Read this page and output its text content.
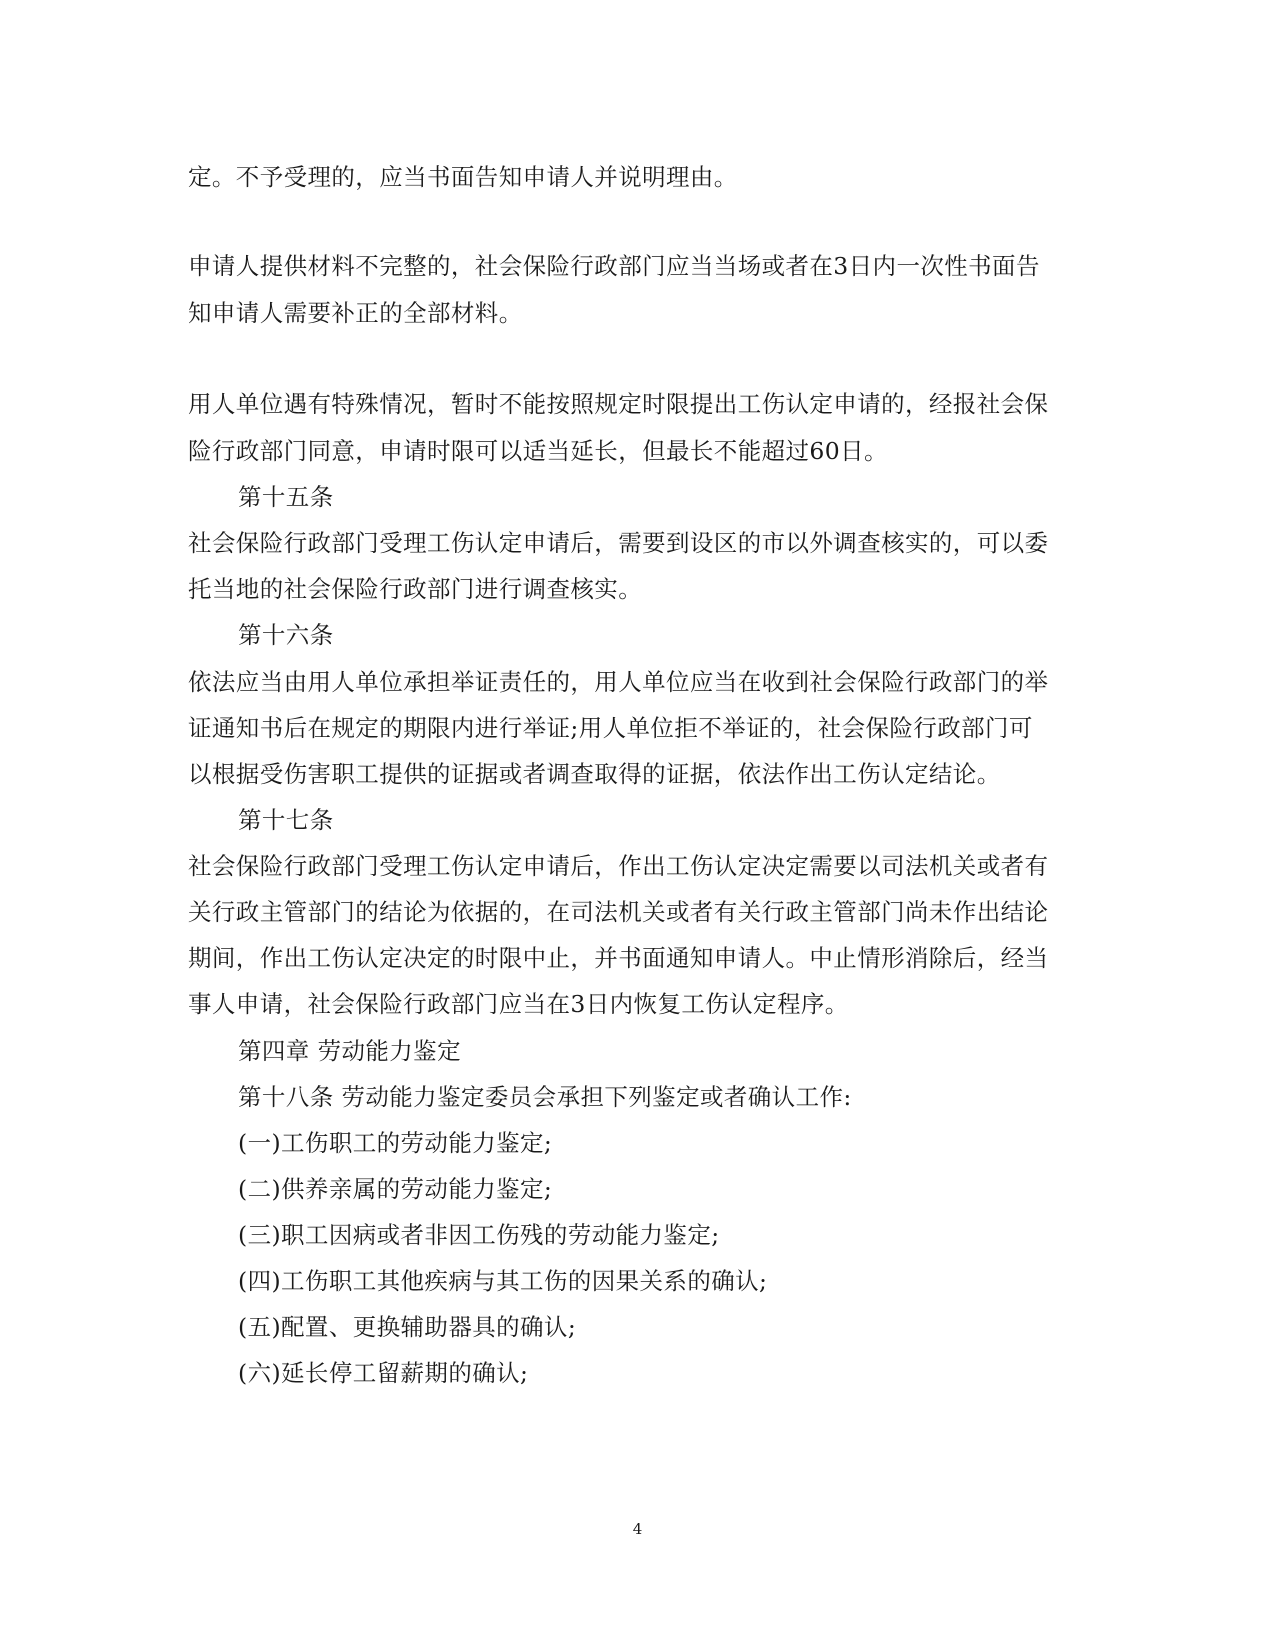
定。不予受理的，应当书面告知申请人并说明理由。
申请人提供材料不完整的，社会保险行政部门应当当场或者在3日内一次性书面告
知申请人需要补正的全部材料。
用人单位遇有特殊情况，暂时不能按照规定时限提出工伤认定申请的，经报社会保
险行政部门同意，申请时限可以适当延长，但最长不能超过60日。
第十五条
社会保险行政部门受理工伤认定申请后，需要到设区的市以外调查核实的，可以委
托当地的社会保险行政部门进行调查核实。
第十六条
依法应当由用人单位承担举证责任的，用人单位应当在收到社会保险行政部门的举
证通知书后在规定的期限内进行举证;用人单位拒不举证的，社会保险行政部门可
以根据受伤害职工提供的证据或者调查取得的证据，依法作出工伤认定结论。
第十七条
社会保险行政部门受理工伤认定申请后，作出工伤认定决定需要以司法机关或者有
关行政主管部门的结论为依据的，在司法机关或者有关行政主管部门尚未作出结论
期间，作出工伤认定决定的时限中止，并书面通知申请人。中止情形消除后，经当
事人申请，社会保险行政部门应当在3日内恢复工伤认定程序。
第四章 劳动能力鉴定
第十八条 劳动能力鉴定委员会承担下列鉴定或者确认工作:
(一)工伤职工的劳动能力鉴定;
(二)供养亲属的劳动能力鉴定;
(三)职工因病或者非因工伤残的劳动能力鉴定;
(四)工伤职工其他疾病与其工伤的因果关系的确认;
(五)配置、更换辅助器具的确认;
(六)延长停工留薪期的确认;
4
